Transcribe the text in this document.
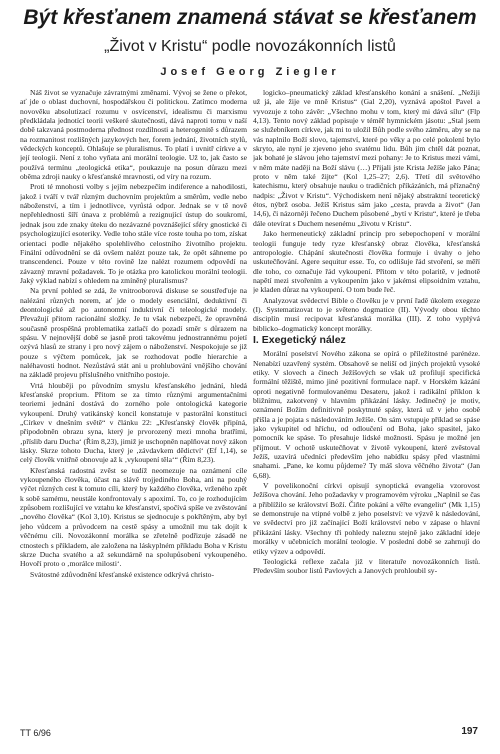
Být křesťanem znamená stávat se křesťanem
„Život v Kristu“ podle novozákonních listů
Josef Georg Ziegler

Náš život se vyznačuje závratnými změnami. Vývoj se žene o překot, ať jde o oblast duchovní, hospodářskou či politickou. Zatímco moderna novověku absolutizací rozumu v osvícenství, idealismu či marxismu předkládala jednotící teorii veškeré skutečnosti, dává naproti tomu v naší době takzvaná postmoderna přednost rozdílnosti a heterogenitě s důrazem na rozmanitost rozlišných jazykových her, forem jednání, životních stylů, vědeckých konceptů. Ohlašuje se pluralismus. To platí i uvnitř církve a v její teologii. Není z toho vyňata ani morální teologie. Už to, jak často se používá termínu „teologická etika“, poukazuje na posun důrazu mezi oběma zdroji nauky o křesťanské mravnosti, od víry na rozum.

Proti té mnohosti volby s jejím nebezpečím indiference a nahodilosti, jakož i tváří v tvář různým duchovním projektům a směrům, vedle nebo náboženství, a tím i jednotlivce, vyrůstá odpor. Jednak se v tě nově nepřehlednosti šíří únava z problémů a rezignující ústup do soukromí, jednak jsou zde znaky úteku do nezávazné povznášející sféry gnostické či psychologizující esoteriky. Vedle toho stále více roste touha po tom, získat orientaci podle nějakého spolehlivého celostního životního projektu. Finální odůvodnění se dá ovšem nalézt pouze tak, že opět sáhneme po transcendenci. Pouze v této rovině lze nalézt rozumem odpovědí na závazný mravní požadavek. To je otázka pro katolickou morální teologii. Jaký výklad nabízí s ohledem na zmíněný pluralismus?

Na první pohled se zdá, že vnitrooborová diskuse se soustřeďuje na nalézání různých norem, ať jde o modely esenciální, deduktivní či deontologické až po autonomní induktivní či teleologické modely. Převažují přitom racionální složky. Je tu však nebezpečí, že opravněná současně prospěšná problematika zatlačí do pozadí směr s důrazem na spásu. V nejnovější době se jasně proti takovému jednostrannému pojetí ozývá hlasů ze strany i pro nový zájem o náboženství. Nespokojuje se již pouze s výčtem pomůcek, jak se rozhodovat podle hierarchie a naléhavosti hodnot. Nezůstává stát ani u prohlubování vnějšího chování na základě projevu příslušného vnitřního postoje.

Vrtá hlouběji po původním smyslu křesťanského jednání, hledá křesťanské proprium. Přitom se za tímto různými argumentačními teoriemi jednání dostává do zorného pole ontologická kategorie vykoupení. Druhý vatikánský koncil konstatuje v pastorální konstituci „Církev v dnešním světě“ v článku 22: „Křesťanský člověk připíná, připodobněn obrazu syna, který je prvorozený mezi mnoha bratřími, ‚příslib daru Ducha‘ (Řím 8,23), jimiž je uschopněn naplňovat nový zákon lásky. Skrze tohoto Ducha, který je ‚závdavkem dědictví‘ (Ef 1,14), se celý člověk vnitřně obnovuje až k ‚vykoupení těla‘“ (Řím 8,23).

Křesťanská radostná zvěst se tudíž neomezuje na oznámení cíle vykoupeného člověka, účast na slávě trojjediného Boha, ani na pouhý výčet různých cest k tomuto cíli, který by každého člověka, vrženého zpět k sobě samému, neustále konfrontovaly s apoximí. To, co je rozhodujícím způsobem rozlišující ve vztahu ke křesťanství, spočívá spíše ve zvěstování „nového člověka“ (Kol 3,10). Kristus se sjednocuje s pokřtěným, aby byl jeho vůdcem a průvodcem na cestě spásy a umožnil mu tak dojít k věčnému cíli. Novozákonní morálka se zřetelně podřizuje zásadě ne ctnostech s příkladem, ale založena na láskyplném příkladu Boha v Kristu skrze Ducha svatého a až sekundárně na spolupůsobení vykoupeného. Hovoří proto o ‚morálce milosti‘.

Svátostné zdůvodnění křesťanské existence odkrývá christo-

logicko–pneumatický základ křesťanského konání a snášení. „Nežiji už já, ale žije ve mně Kristus“ (Gal 2,20), vyznává apoštol Pavel a vyvozuje z toho závěr: „Všechno mohu v tom, který mi dává sílu“ (Flp 4,13). Tento nový základ popisuje v téměř hymnickém jásotu: „Stal jsem se služebníkem církve, jak mi to uložil Bůh podle svého záměru, aby se na vás naplnilo Boží slovo, tajemství, které po věky a po celé pokolení bylo skryto, ale nyní je zjeveno jeho svatému lidu. Bůh jim chtěl dát poznat, jak bohaté je slávou jeho tajemství mezi pohany: Je to Kristus mezi vámi, v něm máte naději na Boží slávu (…) Přijali jste Krista Ježíše jako Pána; proto v něm také žijte“ (Kol 1,25–27; 2,6). Třetí díl světového katechismu, který obsahuje nauku o tradičních příkázáních, má příznačný nadpis: „Život v Kristu“. Východiskem není nějaký abstraktní teoretický étos, nýbrž osoba. Ježíš Kristus sám jako „cesta, pravda a život“ (Jan 14,6), či názorněji řečeno Duchem působené „bytí v Kristu“, které je třeba dále otevírat s Duchem nesenému „životu v Kristu“.

Jako hermeneutický základní princip pro sebepochopení v morální teologii funguje tedy ryze křesťanský obraz člověka, křesťanská antropologie. Chápání skutečnosti člověka formuje i úvahy o jeho uskutečňování. Agere sequitur esse. To, co odlišuje řád stvoření, se měří dle toho, co označuje řád vykoupení. Přitom v této polaritě, v jednotě napětí mezi stvořením a vykoupením jako v jakémsi elipsoidním vztahu, je kladen důraz na vykoupení. O tom bude řeč.

Analyzovat svědectví Bible o člověku je v první řadě úkolem exegeze (I). Systematizovat to je světeno dogmatice (II). Vývody obou těchto disciplín musí recipovat křesťanská morálka (III). Z toho vyplývá biblicko–dogmatický koncept morálky.

I. Exegetický nález

Morální poselství Nového zákona se opírá o příležitostné parénéze. Nenabízí uzavřený systém. Obsahově se neliší od jiných projektů vysoké etiky. V slovech a činech Ježíšových se však už profilují specifická formální těžiště, mimo jiné pozitivní formulace např. v Horském kázání oproti negativně formulovanému Desateru, jakož i radikální příklon k bližnímu, zakotvený v hlavním přikázání lásky. Jedinečný je motiv, oznámení Božím definitivně poskytnuté spásy, která už v jeho osobě přišla a je pojata s následováním Ježíše. On sám vstupuje příklad se spáse jako vykupitel od hříchu, od odloučení od Boha, jako spasitel, jako pomocník ke spáse. To přesahuje lidské možnosti. Spásu je možné jen přijmout. V ochotě uskutečňovat v životě vykoupení, které zvěstoval Ježíš, uzavírá učedníci především jeho nabídku spásy před vlastními snahami. „Pane, ke komu půjdeme? Ty máš slova věčného života“ (Jan 6,68).

V povelikonoční církvi opisují synoptická evangelia vzorovost Ježíšova chování. Jeho požadavky v programovém výroku „Naplnil se čas a přiblížilo se království Boží. Čiňte pokání a věřte evangeliu“ (Mk 1,15) se demonstruje na vtipné volbě z jeho poselství: ve výzvě k následování, ve svědectví pro již začínající Boží království nebo v zápase o hlavní přikázání lásky. Všechny tři pohledy naleznu stejně jako základní ideje morálky v učebnicích morální teologie. V poslední době se zahrnují do etiky výzev a odpovědí.

Teologická reflexe začala již v literatuře novozákonních listů. Především soubor listů Pavlových a Janových prohloubil sy-

TT 6/96	197
